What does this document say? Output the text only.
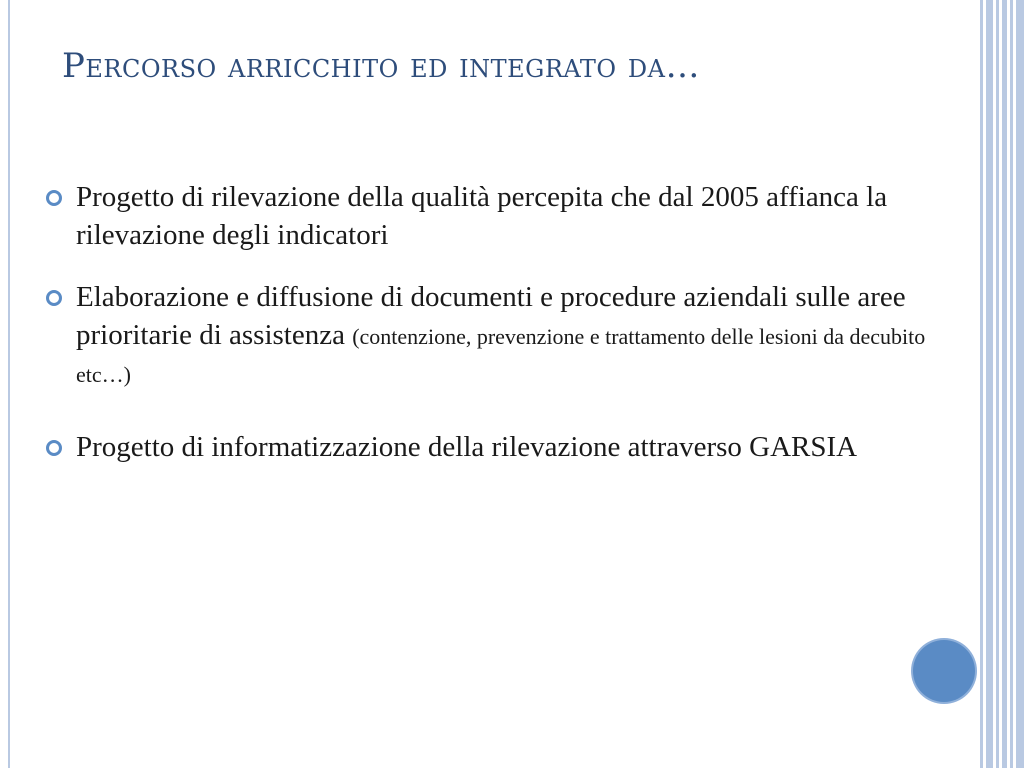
Percorso arricchito ed integrato da…
Progetto di rilevazione della qualità percepita che dal 2005 affianca la rilevazione degli indicatori
Elaborazione e diffusione di documenti e procedure aziendali sulle aree prioritarie di assistenza (contenzione, prevenzione e trattamento delle lesioni da decubito etc…)
Progetto di informatizzazione della rilevazione attraverso GARSIA
